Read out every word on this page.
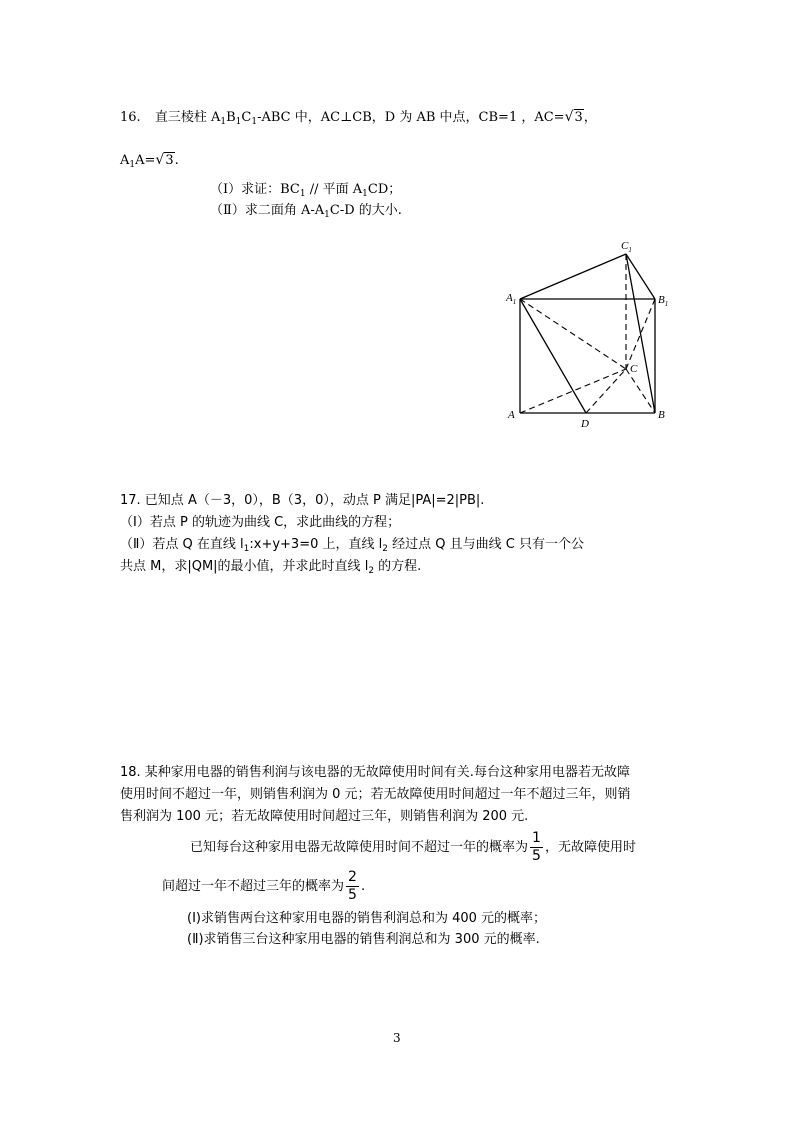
16. 直三棱柱 $A_1B_1C_1$-ABC 中，AC⊥CB，D 为 AB 中点，CB=1 ，AC=√3，
$A_1A=√3$.
（Ⅰ）求证：$BC_1$ // 平面 $A_1CD$；
（Ⅱ）求二面角 $A-A_1C-D$ 的大小.
$A_1$
$C_1$
$B_1$
C
A	B
D
17. 已知点 A（－3，0），B（3，0），动点 P 满足|PA|=2|PB|.
（Ⅰ）若点 P 的轨迹为曲线 C，求此曲线的方程；
（Ⅱ）若点 Q 在直线 $l_1:x+y+3=0$ 上，直线 $l_2$ 经过点 Q 且与曲线 C 只有一个公
共点 M，求|QM|的最小值，并求此时直线 $l_2$ 的方程.
18. 某种家用电器的销售利润与该电器的无故障使用时间有关.每台这种家用电器若无故障
使用时间不超过一年，则销售利润为 0 元；若无故障使用时间超过一年不超过三年，则销
售利润为 100 元；若无故障使用时间超过三年，则销售利润为 200 元.
已知每台这种家用电器无故障使用时间不超过一年的概率为 $\frac{1}{5}$ ，无故障使用时
间超过一年不超过三年的概率为 $\frac{2}{5}$ .
(Ⅰ)求销售两台这种家用电器的销售利润总和为 400 元的概率；
(Ⅱ)求销售三台这种家用电器的销售利润总和为 300 元的概率.
3
